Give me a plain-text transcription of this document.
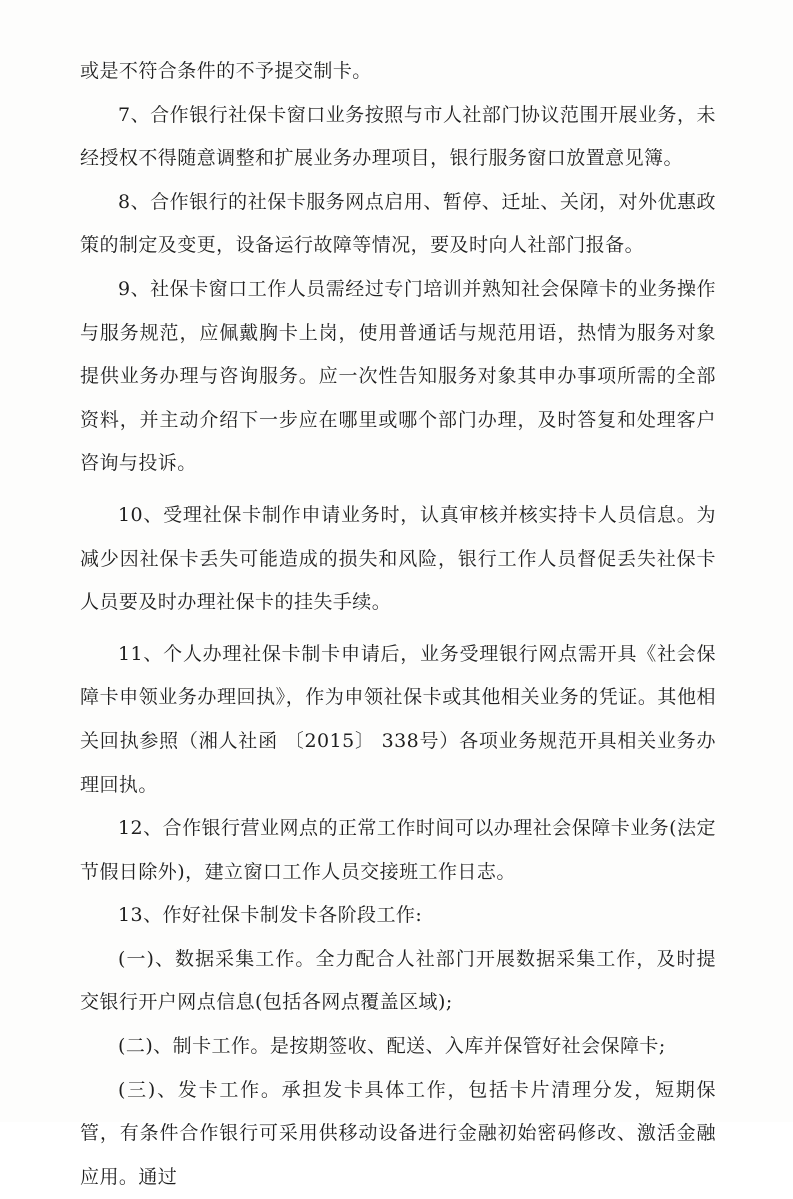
或是不符合条件的不予提交制卡。

7、合作银行社保卡窗口业务按照与市人社部门协议范围开展业务，未经授权不得随意调整和扩展业务办理项目，银行服务窗口放置意见簿。

8、合作银行的社保卡服务网点启用、暂停、迁址、关闭，对外优惠政策的制定及变更，设备运行故障等情况，要及时向人社部门报备。

9、社保卡窗口工作人员需经过专门培训并熟知社会保障卡的业务操作与服务规范，应佩戴胸卡上岗，使用普通话与规范用语，热情为服务对象提供业务办理与咨询服务。应一次性告知服务对象其申办事项所需的全部资料，并主动介绍下一步应在哪里或哪个部门办理，及时答复和处理客户咨询与投诉。

10、受理社保卡制作申请业务时，认真审核并核实持卡人员信息。为减少因社保卡丢失可能造成的损失和风险，银行工作人员督促丢失社保卡人员要及时办理社保卡的挂失手续。

11、个人办理社保卡制卡申请后，业务受理银行网点需开具《社会保障卡申领业务办理回执》，作为申领社保卡或其他相关业务的凭证。其他相关回执参照（湘人社函 〔2015〕 338号）各项业务规范开具相关业务办理回执。

12、合作银行营业网点的正常工作时间可以办理社会保障卡业务(法定节假日除外)，建立窗口工作人员交接班工作日志。

13、作好社保卡制发卡各阶段工作:

(一)、数据采集工作。全力配合人社部门开展数据采集工作，及时提交银行开户网点信息(包括各网点覆盖区域);

(二)、制卡工作。是按期签收、配送、入库并保管好社会保障卡;

(三)、发卡工作。承担发卡具体工作，包括卡片清理分发，短期保管，有条件合作银行可采用供移动设备进行金融初始密码修改、激活金融应用。通过
